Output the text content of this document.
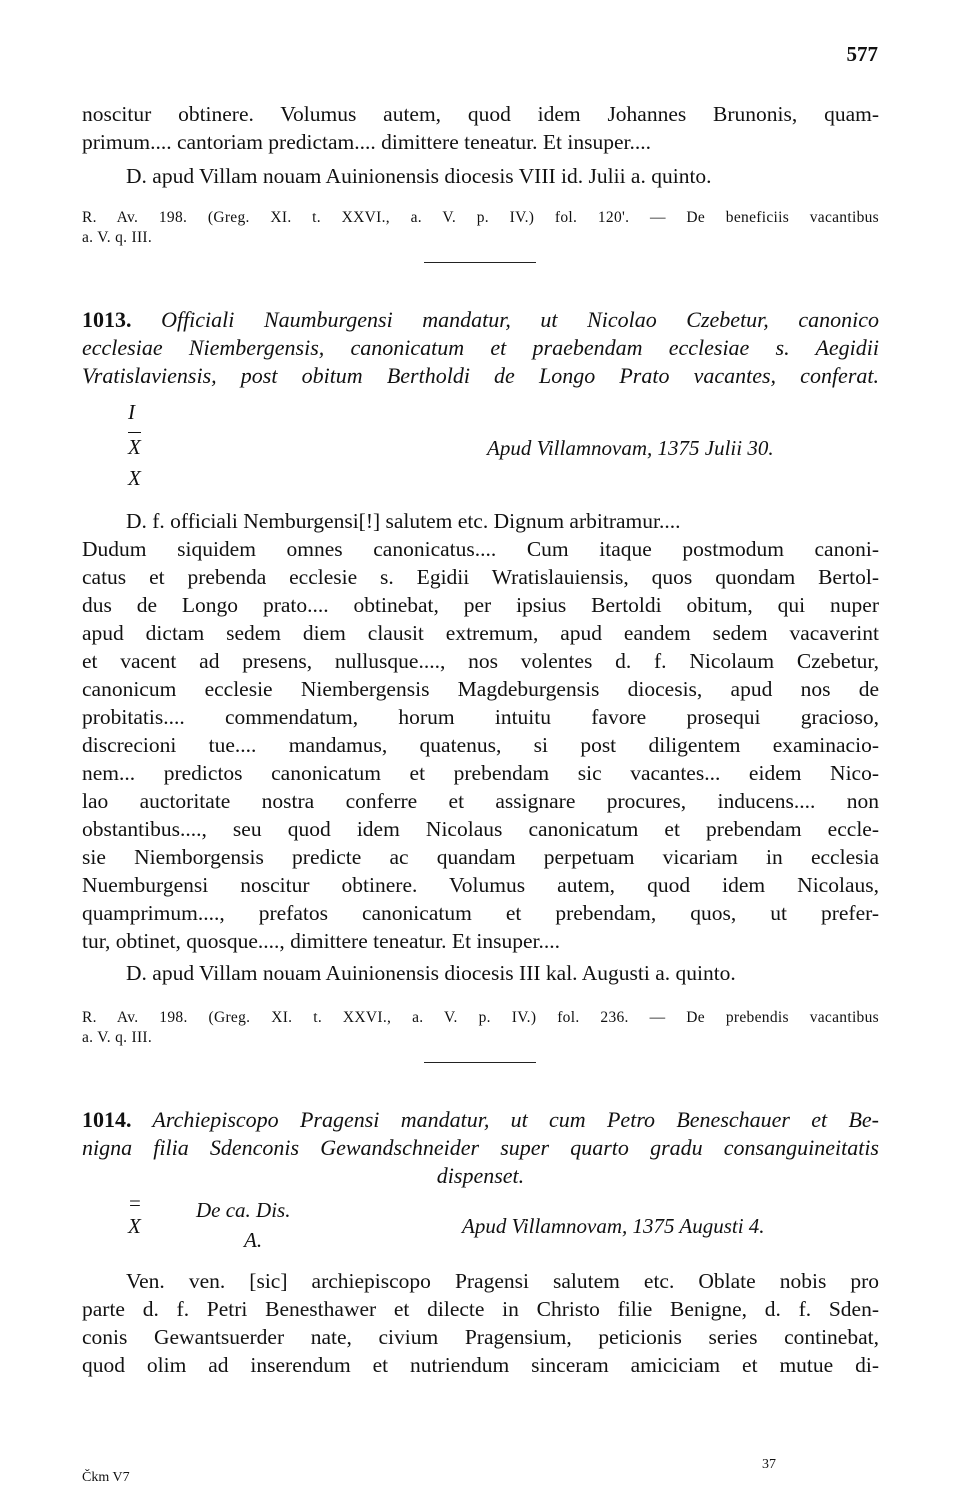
577

noscitur obtinere. Volumus autem, quod idem Johannes Brunonis, quam-
primum.... cantoriam predictam.... dimittere teneatur. Et insuper....

D. apud Villam nouam Auinionensis diocesis VIII id. Julii a. quinto.

R. Av. 198. (Greg. XI. t. XXVI., a. V. p. IV.) fol. 120'. — De beneficiis vacantibus
a. V. q. III.

1013. Officiali Naumburgensi mandatur, ut Nicolao Czebetur, canonico
ecclesiae Niembergensis, canonicatum et praebendam ecclesiae s. Aegidii
Vratislaviensis, post obitum Bertholdi de Longo Prato vacantes, conferat.

I
X
X
Apud Villamnovam, 1375 Julii 30.

D. f. officiali Nemburgensi[!] salutem etc. Dignum arbitramur....
Dudum siquidem omnes canonicatus.... Cum itaque postmodum canoni-
catus et prebenda ecclesie s. Egidii Wratislauiensis, quos quondam Bertol-
dus de Longo prato.... obtinebat, per ipsius Bertoldi obitum, qui nuper
apud dictam sedem diem clausit extremum, apud eandem sedem vacaverint
et vacent ad presens, nullusque...., nos volentes d. f. Nicolaum Czebetur,
canonicum ecclesie Niembergensis Magdeburgensis diocesis, apud nos de
probitatis.... commendatum, horum intuitu favore prosequi gracioso,
discrecioni tue.... mandamus, quatenus, si post diligentem examinacio-
nem... predictos canonicatum et prebendam sic vacantes... eidem Nico-
lao auctoritate nostra conferre et assignare procures, inducens.... non
obstantibus...., seu quod idem Nicolaus canonicatum et prebendam eccle-
sie Niemborgensis predicte ac quandam perpetuam vicariam in ecclesia
Nuemburgensi noscitur obtinere. Volumus autem, quod idem Nicolaus,
quamprimum...., prefatos canonicatum et prebendam, quos, ut prefer-
tur, obtinet, quosque...., dimittere teneatur. Et insuper....

D. apud Villam nouam Auinionensis diocesis III kal. Augusti a. quinto.

R. Av. 198. (Greg. XI. t. XXVI., a. V. p. IV.) fol. 236. — De prebendis vacantibus
a. V. q. III.

1014. Archiepiscopo Pragensi mandatur, ut cum Petro Beneschauer et Be-
nigna filia Sdenconis Gewandschneider super quarto gradu consanguineitatis
dispenset.

=
X
De ca. Dis.
A.
Apud Villamnovam, 1375 Augusti 4.

Ven. ven. [sic] archiepiscopo Pragensi salutem etc. Oblate nobis pro
parte d. f. Petri Benesthawer et dilecte in Christo filie Benigne, d. f. Sden-
conis Gewantsuerder nate, civium Pragensium, peticionis series continebat,
quod olim ad inserendum et nutriendum sinceram amiciciam et mutue di-

Čkm V7
37
